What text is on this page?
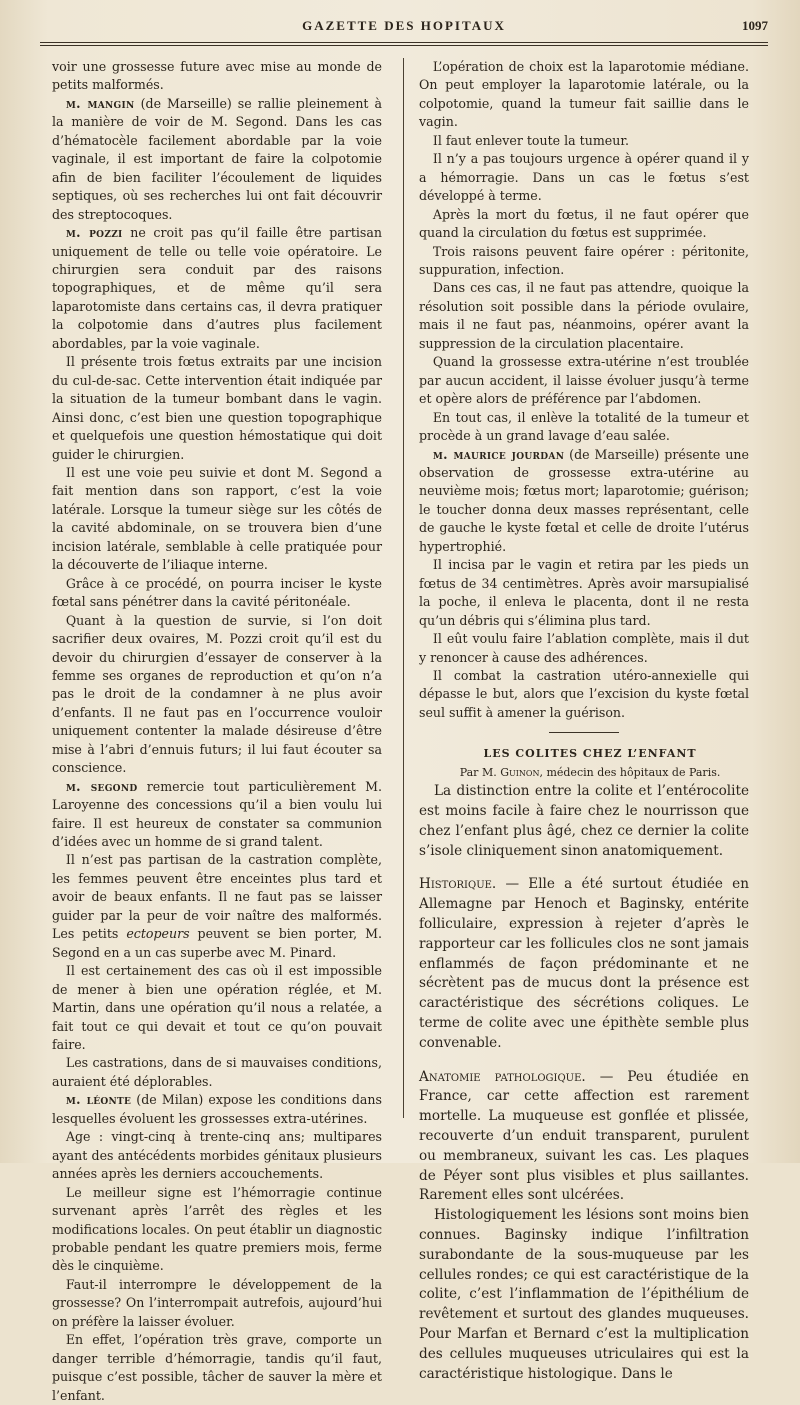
GAZETTE DES HOPITAUX	1097

voir une grossesse future avec mise au monde de petits malformés.

m. mangin (de Marseille) se rallie pleinement à la manière de voir de M. Segond. Dans les cas d’hématocèle facilement abordable par la voie vaginale, il est important de faire la colpotomie afin de bien faciliter l’écoulement de liquides septiques, où ses recherches lui ont fait découvrir des streptocoques.

m. pozzi ne croit pas qu’il faille être partisan uniquement de telle ou telle voie opératoire. Le chirurgien sera conduit par des raisons topographiques, et de même qu’il sera laparotomiste dans certains cas, il devra pratiquer la colpotomie dans d’autres plus facilement abordables, par la voie vaginale.

Il présente trois fœtus extraits par une incision du cul-de-sac. Cette intervention était indiquée par la situation de la tumeur bombant dans le vagin. Ainsi donc, c’est bien une question topographique et quelquefois une question hémostatique qui doit guider le chirurgien.

Il est une voie peu suivie et dont M. Segond a fait mention dans son rapport, c’est la voie latérale. Lorsque la tumeur siège sur les côtés de la cavité abdominale, on se trouvera bien d’une incision latérale, semblable à celle pratiquée pour la découverte de l’iliaque interne.

Grâce à ce procédé, on pourra inciser le kyste fœtal sans pénétrer dans la cavité péritonéale.

Quant à la question de survie, si l’on doit sacrifier deux ovaires, M. Pozzi croit qu’il est du devoir du chirurgien d’essayer de conserver à la femme ses organes de reproduction et qu’on n’a pas le droit de la condamner à ne plus avoir d’enfants. Il ne faut pas en l’occurrence vouloir uniquement contenter la malade désireuse d’être mise à l’abri d’ennuis futurs; il lui faut écouter sa conscience.

m. segond remercie tout particulièrement M. Laroyenne des concessions qu’il a bien voulu lui faire. Il est heureux de constater sa communion d’idées avec un homme de si grand talent.

Il n’est pas partisan de la castration complète, les femmes peuvent être enceintes plus tard et avoir de beaux enfants. Il ne faut pas se laisser guider par la peur de voir naître des malformés. Les petits ectopeurs peuvent se bien porter, M. Segond en a un cas superbe avec M. Pinard.

Il est certainement des cas où il est impossible de mener à bien une opération réglée, et M. Martin, dans une opération qu’il nous a relatée, a fait tout ce qui devait et tout ce qu’on pouvait faire.

Les castrations, dans de si mauvaises conditions, auraient été déplorables.

m. léonte (de Milan) expose les conditions dans lesquelles évoluent les grossesses extra-utérines.

Age : vingt-cinq à trente-cinq ans; multipares ayant des antécédents morbides génitaux plusieurs années après les derniers accouchements.

Le meilleur signe est l’hémorragie continue survenant après l’arrêt des règles et les modifications locales. On peut établir un diagnostic probable pendant les quatre premiers mois, ferme dès le cinquième.

Faut-il interrompre le développement de la grossesse? On l’interrompait autrefois, aujourd’hui on préfère la laisser évoluer.

En effet, l’opération très grave, comporte un danger terrible d’hémorragie, tandis qu’il faut, puisque c’est possible, tâcher de sauver la mère et l’enfant.

L’opération de choix est la laparotomie médiane. On peut employer la laparotomie latérale, ou la colpotomie, quand la tumeur fait saillie dans le vagin.

Il faut enlever toute la tumeur.

Il n’y a pas toujours urgence à opérer quand il y a hémorragie. Dans un cas le fœtus s’est développé à terme.

Après la mort du fœtus, il ne faut opérer que quand la circulation du fœtus est supprimée.

Trois raisons peuvent faire opérer : péritonite, suppuration, infection.

Dans ces cas, il ne faut pas attendre, quoique la résolution soit possible dans la période ovulaire, mais il ne faut pas, néanmoins, opérer avant la suppression de la circulation placentaire.

Quand la grossesse extra-utérine n’est troublée par aucun accident, il laisse évoluer jusqu’à terme et opère alors de préférence par l’abdomen.

En tout cas, il enlève la totalité de la tumeur et procède à un grand lavage d’eau salée.

m. maurice jourdan (de Marseille) présente une observation de grossesse extra-utérine au neuvième mois; fœtus mort; laparotomie; guérison; le toucher donna deux masses représentant, celle de gauche le kyste fœtal et celle de droite l’utérus hypertrophié.

Il incisa par le vagin et retira par les pieds un fœtus de 34 centimètres. Après avoir marsupialisé la poche, il enleva le placenta, dont il ne resta qu’un débris qui s’élimina plus tard.

Il eût voulu faire l’ablation complète, mais il dut y renoncer à cause des adhérences.

Il combat la castration utéro-annexielle qui dépasse le but, alors que l’excision du kyste fœtal seul suffit à amener la guérison.

LES COLITES CHEZ L’ENFANT

Par M. Guinon, médecin des hôpitaux de Paris.

La distinction entre la colite et l’entérocolite est moins facile à faire chez le nourrisson que chez l’enfant plus âgé, chez ce dernier la colite s’isole cliniquement sinon anatomiquement.

Historique. — Elle a été surtout étudiée en Allemagne par Henoch et Baginsky, entérite folliculaire, expression à rejeter d’après le rapporteur car les follicules clos ne sont jamais enflammés de façon prédominante et ne sécrètent pas de mucus dont la présence est caractéristique des sécrétions coliques. Le terme de colite avec une épithète semble plus convenable.

Anatomie pathologique. — Peu étudiée en France, car cette affection est rarement mortelle. La muqueuse est gonflée et plissée, recouverte d’un enduit transparent, purulent ou membraneux, suivant les cas. Les plaques de Péyer sont plus visibles et plus saillantes. Rarement elles sont ulcérées.

Histologiquement les lésions sont moins bien connues. Baginsky indique l’infiltration surabondante de la sous-muqueuse par les cellules rondes; ce qui est caractéristique de la colite, c’est l’inflammation de l’épithélium de revêtement et surtout des glandes muqueuses. Pour Marfan et Bernard c’est la multiplication des cellules muqueuses utriculaires qui est la caractéristique histologique. Dans le
